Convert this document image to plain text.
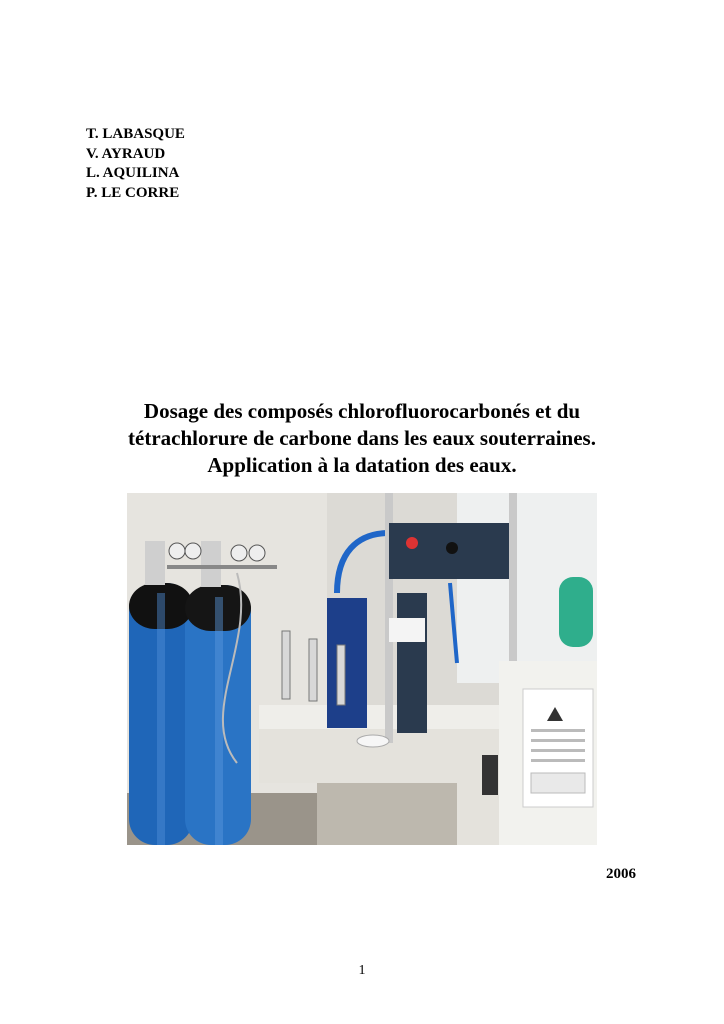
T. LABASQUE
V. AYRAUD
L. AQUILINA
P. LE CORRE
Dosage des composés chlorofluorocarbonés et du
tétrachlorure de carbone dans les eaux souterraines.
Application à la datation des eaux.
2006
1
